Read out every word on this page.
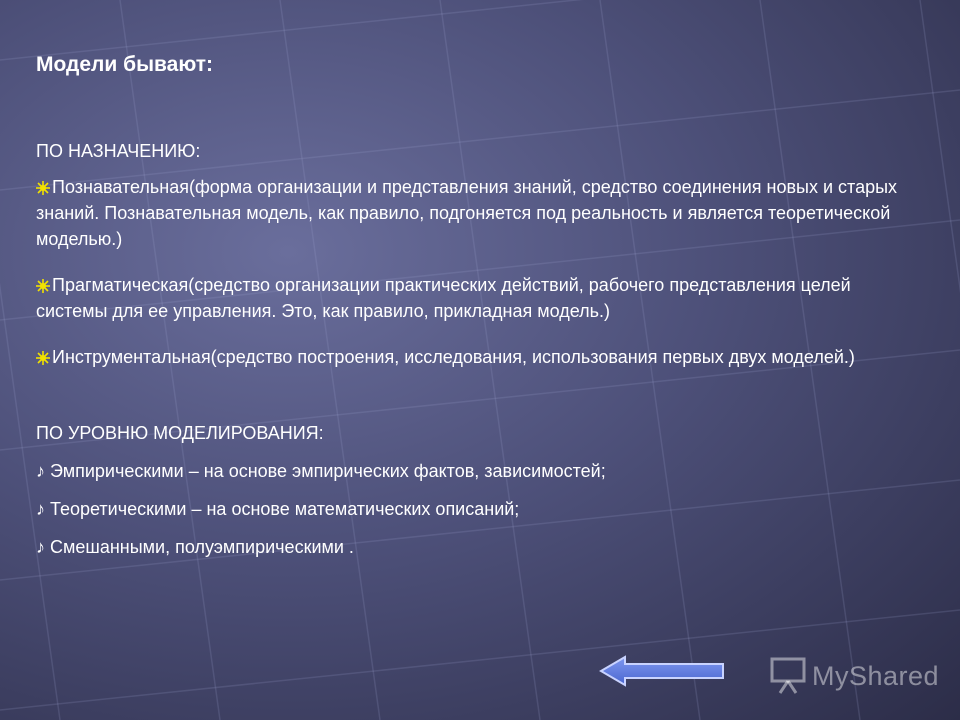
Модели бывают:

ПО НАЗНАЧЕНИЮ:

Познавательная(форма организации и представления знаний, средство соединения новых и старых знаний. Познавательная модель, как правило, подгоняется под реальность и является теоретической моделью.)

Прагматическая(средство организации практических действий, рабочего представления целей системы для ее управления. Это, как правило, прикладная модель.)

Инструментальная(средство построения, исследования, использования первых двух моделей.)

ПО УРОВНЮ МОДЕЛИРОВАНИЯ:

♪ Эмпирическими – на основе эмпирических фактов, зависимостей;

♪ Теоретическими – на основе математических описаний;

♪ Смешанными, полуэмпирическими .

MyShared
